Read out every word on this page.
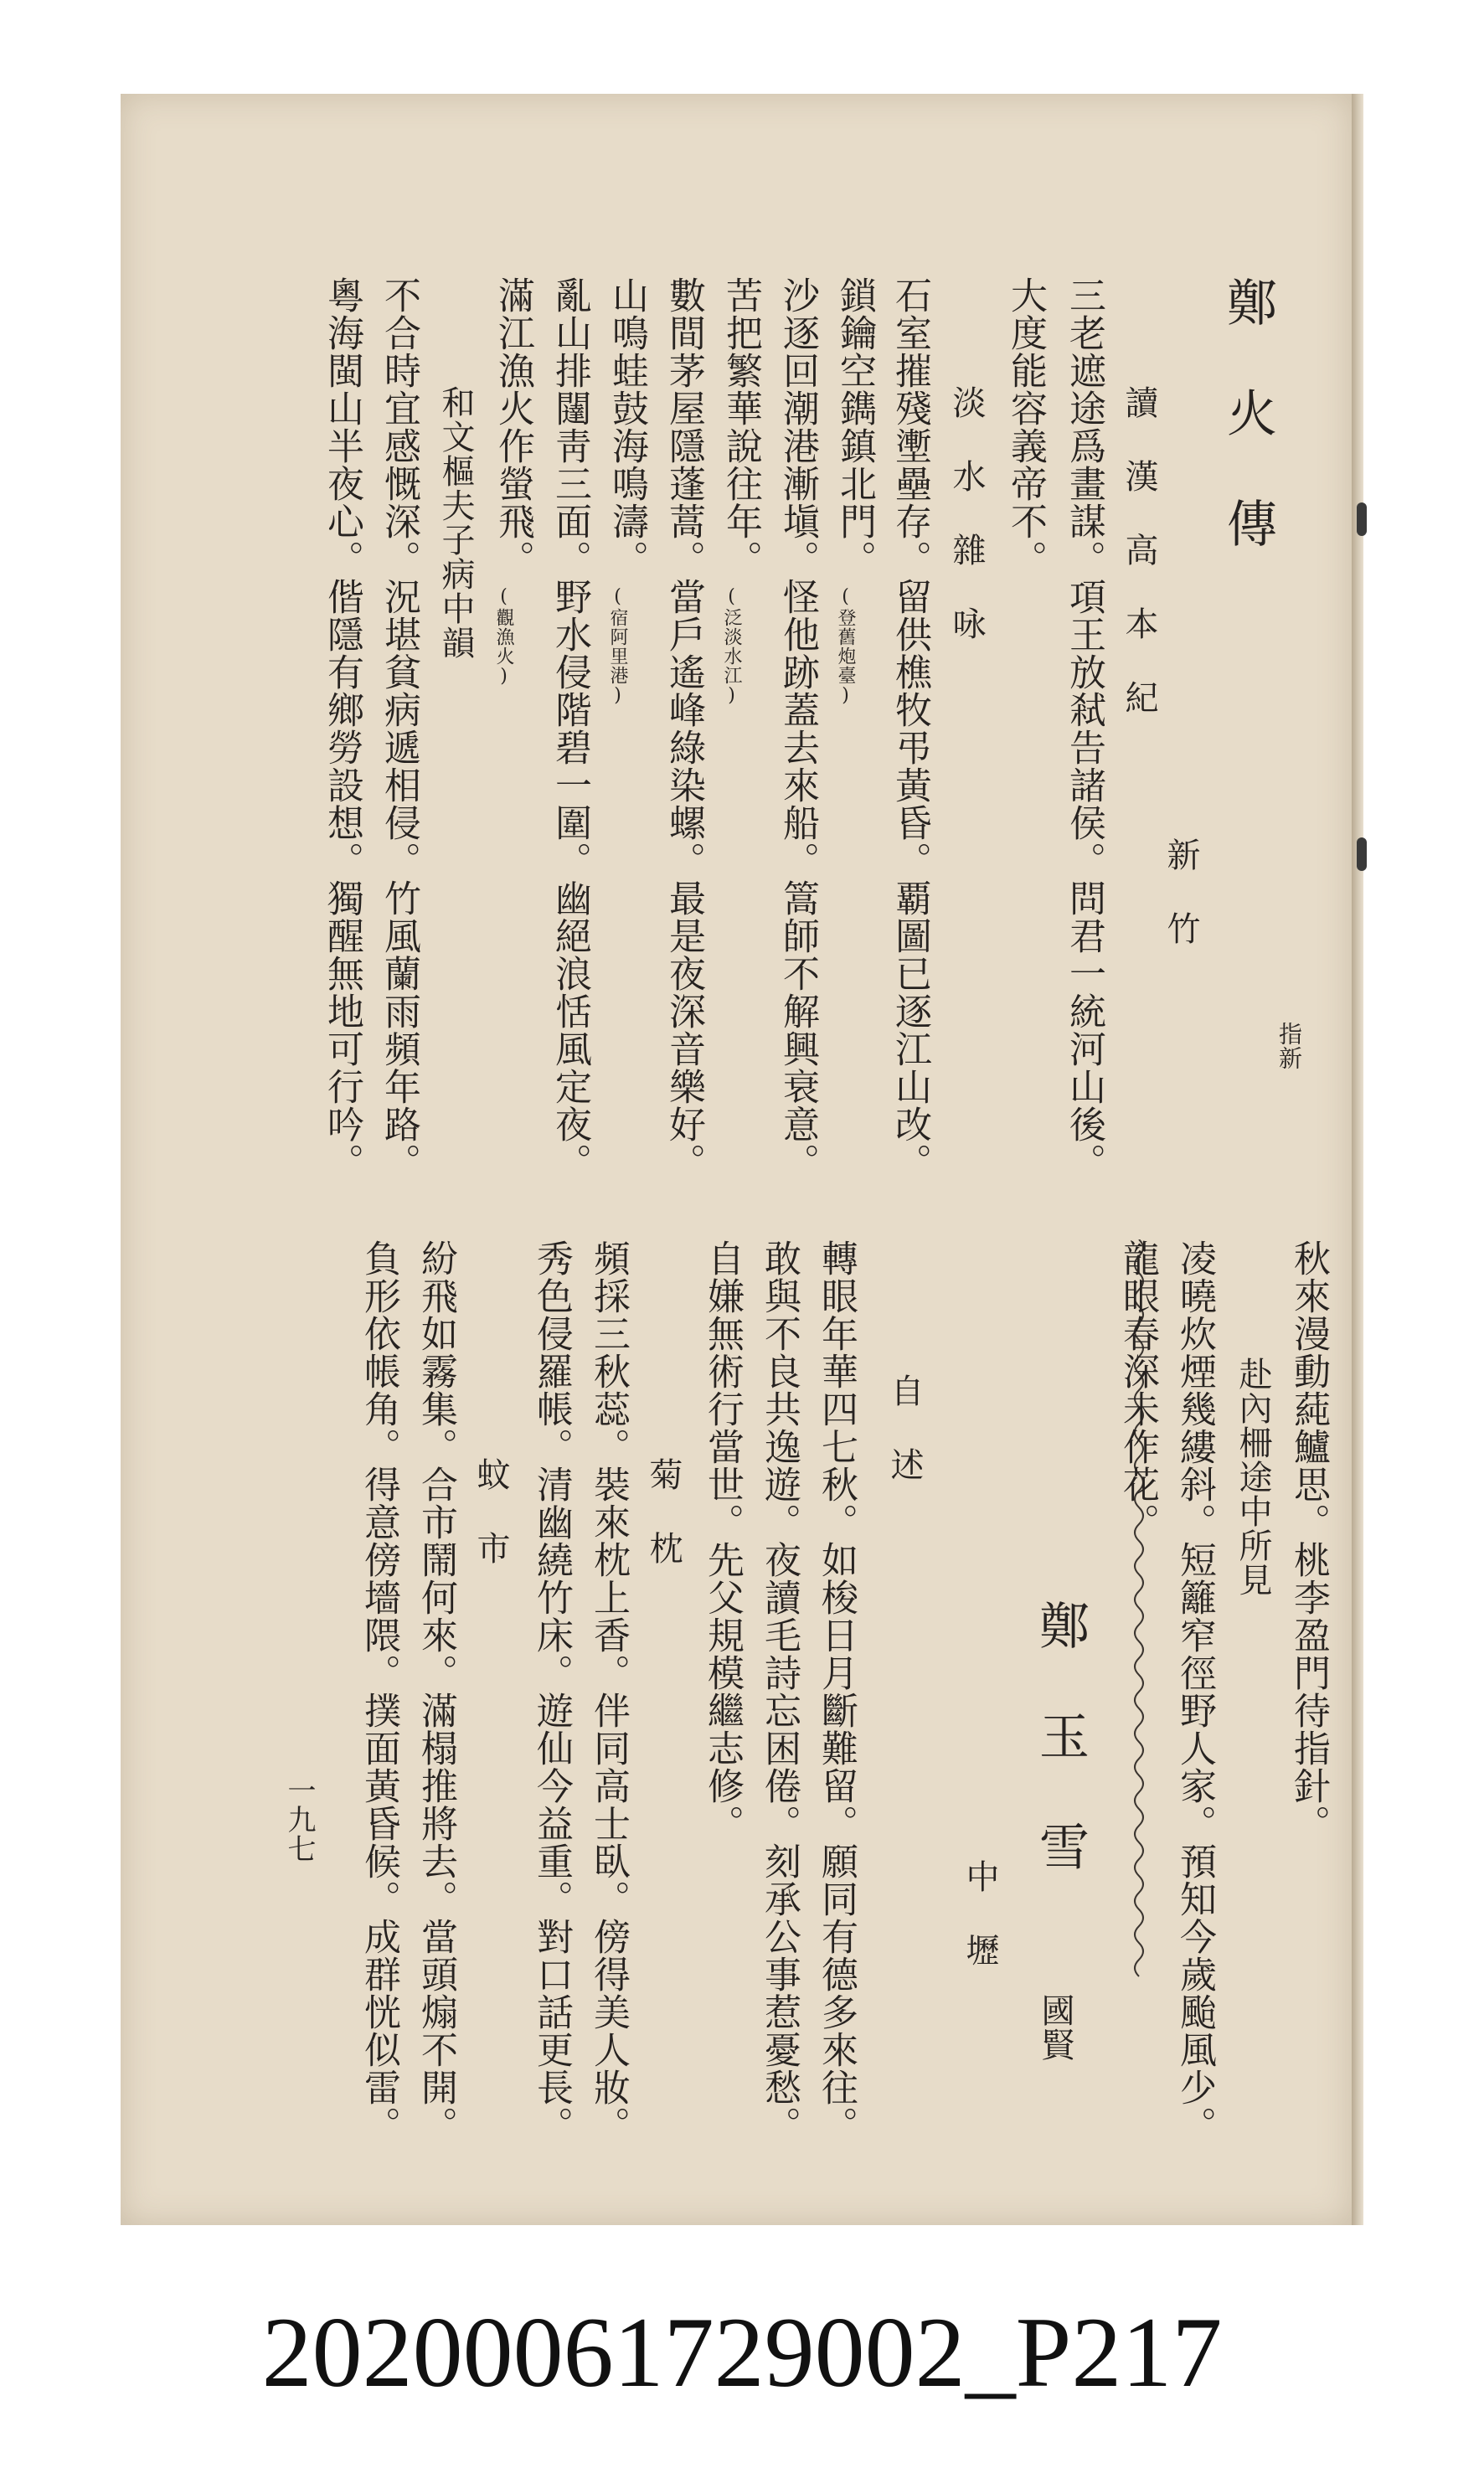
鄭 火 傳
指新
新 竹
讀 漢 高 本 紀
三老遮途爲畫謀。項王放弒告諸侯。問君一統河山後。
大度能容義帝不。
淡 水 雜 咏
石室摧殘壍壘存。留供樵牧弔黃昏。覇圖已逐江山改。
鎖鑰空鐫鎮北門。
沙逐回潮港漸塡。怪他跡蓋去來船。篙師不解興衰意。
苦把繁華說往年。
數間茅屋隱蓬蒿。當戶遙峰綠染螺。最是夜深音樂好。
山鳴蛙鼓海鳴濤。
亂山排闥靑三面。野水侵階碧一圍。幽絕浪恬風定夜。
滿江漁火作螢飛。
和文樞夫子病中韻
不合時宜感慨深。況堪貧病遞相侵。竹風蘭雨頻年路。
粵海閩山半夜心。偕隱有鄉勞設想。獨醒無地可行吟。	(登舊炮臺)
(泛淡水江)
(宿阿里港)
(觀漁火)
秋來漫動蒓鱸思。桃李盈門待指針。
赴內柵途中所見
凌曉炊煙幾縷斜。短籬窄徑野人家。預知今歲颱風少。
龍眼春深未作花。
鄭 玉 雪
國賢
中 壢
自 述
轉眼年華四七秋。如梭日月斷難留。願同有德多來往。
敢與不良共逸遊。夜讀毛詩忘困倦。刻承公事惹憂愁。
自嫌無術行當世。先父規模繼志修。
菊 枕
頻採三秋蕊。裝來枕上香。伴同高士臥。傍得美人妝。
秀色侵羅帳。清幽繞竹床。遊仙今益重。對口話更長。
蚊 市
紛飛如霧集。合市鬧何來。滿榻推將去。當頭煽不開。
負形依帳角。得意傍墻隈。撲面黃昏候。成群恍似雷。
一九七
20200061729002_P217
